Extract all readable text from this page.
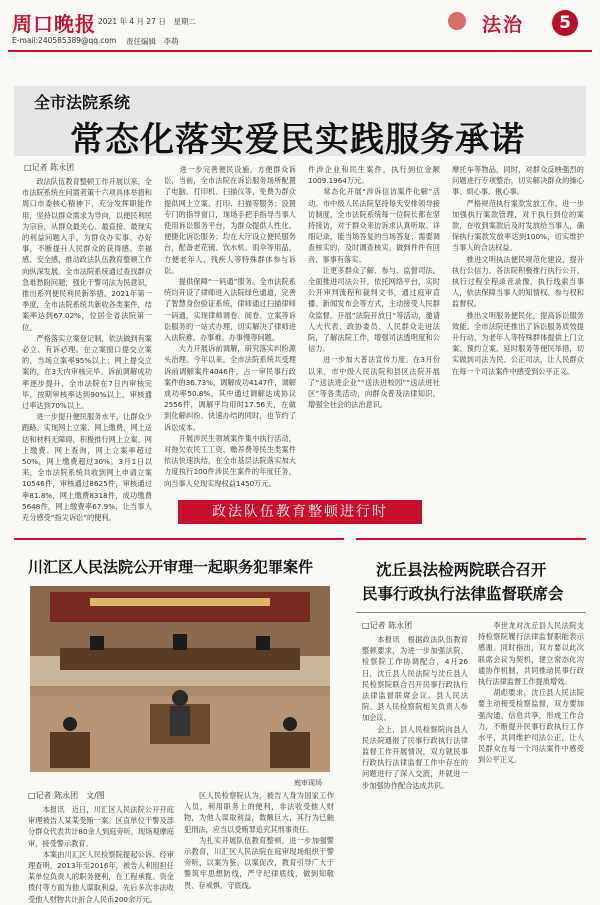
周口晚报 2021 年 4 月 27 日　星期二
E-mail:240585389@qq.com 责任编辑　李萌
法治	5
全市法院系统
常态化落实爱民实践服务承诺
□记者 陈永团
　　政法队伍教育整顿工作开展以来，全市法院系统在问需者策十六项具体举措和周口市委核心精神下，充分发挥职能作用，坚持以群众需求为导向，以便民利民为宗旨，从群众最关心、最直接、最现实的利益问题入手，为群众办实事、办好事，不断提升人民群众的获得感、幸福感、安全感，推动政法队伍教育整顿工作向纵深发展。全市法院系统通过查找群众急难愁盼问题，强化干警司法为民意识，推出系列便民利民新举措。2021年第一季度，全市法院系统共新收各类案件，结案率达到67.02%，位居全省法院第一位。
　　严格落实立案登记制，依法做到有案必立、有诉必理。在立案窗口提交立案的，当场立案率95%以上；网上提交立案的，在3天内审核完毕。诉前调解成功率逐步提升，全市法院在7日内审核完毕，按期审核率达到90%以上，审核通过率达到70%以上。
　　进一步提升便民服务水平，让群众少跑路。实现网上立案、网上缴费、网上送达和材料无障碍，积极推行网上立案、网上缴费、网上查询，网上立案率超过50%，网上缴费超过30%。3月1日以来，全市法院系统共收到网上申请立案10546件，审核通过8625件，审核通过率81.8%，网上缴费8318件，成功缴费5648件，网上缴费率67.9%，让当事人充分感受“指尖诉讼”的便利。
　　进一步完善便民设施。方便群众诉讼，当前，全市法院在诉讼服务场所配置了电脑、打印机、扫描仪等，免费为群众提供网上立案、打印、扫描等服务；设置专门的指导窗口，现场手把手指导当事人使用诉讼服务平台，为群众提供人性化、便捷化诉讼服务；均在大厅设立便民服务台，配备老花镜、饮水机、雨伞等用品，方便老年人、残疾人等特殊群体参与诉讼。
　　提供保障“一码通”服务。全市法院系统均开设了律师进入法院绿色通道，完善了智慧身份验证系统，律师通过扫描律师一码通，实现律师调卷、阅卷、立案等诉讼服务的一站式办理，切实解决了律师进入法院难、办事难、办事慢等问题。
　　大力开展诉前调解，研究落实纠纷源头治理。今年以来，全市法院系统共受理诉前调解案件4046件，占一审民事行政案件的36.73%，调解成功4147件，调解成功率50.8%，其中通过调解达成协议2556件，调解平均用时17.56天，在做到化解纠纷、快速办结的同时，也节约了诉讼成本。
　　开展涉民生领域案件集中执行活动，对拖欠农民工工资、赡养费等民生类案件依法快速执结，在全市基层法院落实加大力度执行100件涉民生案件的年度任务，向当事人兑现实现权益1450万元。
件涉企业和民生案件，执行到位金额1009.1964万元。
　　常态化开展“涉诉信访案件化解”活动。市中级人民法院坚持每天安排领导接访制度，全市法院系统每一位院长都在坚持接访，对于群众来访诉求认真听取、详细记录，能当场答复的当场答复；需要调查核实的，及时调查核实，做到件件有回音、事事有落实。
　　让更多群众了解、参与、监督司法。全面推进司法公开，依托网络平台，实时公开审判流程和裁判文书，通过庭审直播、新闻发布会等方式，主动接受人民群众监督。开展“法院开放日”等活动，邀请人大代表、政协委员、人民群众走进法院，了解法院工作，增强司法透明度和公信力。
　　进一步加大普法宣传力度。在3月份以来，市中级人民法院和县区法院开展了“送法进企业”“送法进校园”“送法进社区”等各类活动，向群众普及法律知识，增强全社会的法治意识。
摩托车等物品，同时，对群众反映强烈的问题进行专项整治，切实解决群众的操心事、烦心事、揪心事。
　　严格规范执行案款发放工作。进一步加强执行案款管理，对于执行到位的案款，在收到案款后及时发放给当事人，确保执行案款发放率达到100%，切实维护当事人的合法权益。
　　推进文明执法便民规范化建设，提升执行公信力。各法院积极推行执行公开，执行过程全程录音录像，执行线索当事人，依法保障当事人的知情权、参与权和监督权。
　　推出文明服务便民化，提高诉讼服务效能。全市法院还推出了诉讼服务质效提升行动，为老年人等特殊群体提供上门立案、预约立案、延时服务等便民举措，切实做到司法为民、公正司法，让人民群众在每一个司法案件中感受到公平正义。
政法队伍教育整顿进行时
川汇区人民法院公开审理一起职务犯罪案件
庭审现场
□记者 陈永团　文/图
　　本报讯　近日，川汇区人民法院公开开庭审理被告人某某受贿一案。区直单位干警及部分群众代表共计80余人到庭旁听，现场观摩庭审，接受警示教育。
　　本案由川汇区人民检察院提起公诉。经审理查明，2013年至2016年，被告人利用担任某单位负责人的职务便利，在工程承揽、资金拨付等方面为他人谋取利益，先后多次非法收受他人财物共计折合人民币200余万元。
　　区人民检察院认为，被告人身为国家工作人员，利用职务上的便利，非法收受他人财物，为他人谋取利益，数额巨大，其行为已触犯刑法，应当以受贿罪追究其刑事责任。
　　为扎实开展队伍教育整顿，进一步加强警示教育，川汇区人民法院在庭审现场组织干警旁听，以案为鉴、以案促改，教育引导广大干警筑牢思想防线，严守纪律底线，做到知敬畏、存戒惧、守底线。
沈丘县法检两院联合召开
民事行政执行法律监督联席会
□记者 陈永团
　　本报讯　根据政法队伍教育整顿要求，为进一步加强法院、检察院工作协调配合，4月26日，沈丘县人民法院与沈丘县人民检察院联合召开民事行政执行法律监督联席会议。县人民法院、县人民检察院相关负责人参加会议。
　　会上，县人民检察院向县人民法院通报了民事行政执行法律监督工作开展情况，双方就民事行政执行法律监督工作中存在的问题进行了深入交流，并就进一步加强协作配合达成共识。
　　李世龙对沈丘县人民法院支持检察院履行法律监督职能表示感谢。同时指出，双方要以此次联席会议为契机，建立常态化沟通协作机制，共同推动民事行政执行法律监督工作提质增效。
　　胡彪要求，沈丘县人民法院要主动接受检察监督，双方要加强沟通、信息共享，形成工作合力，不断提升民事行政执行工作水平，共同维护司法公正，让人民群众在每一个司法案件中感受到公平正义。
